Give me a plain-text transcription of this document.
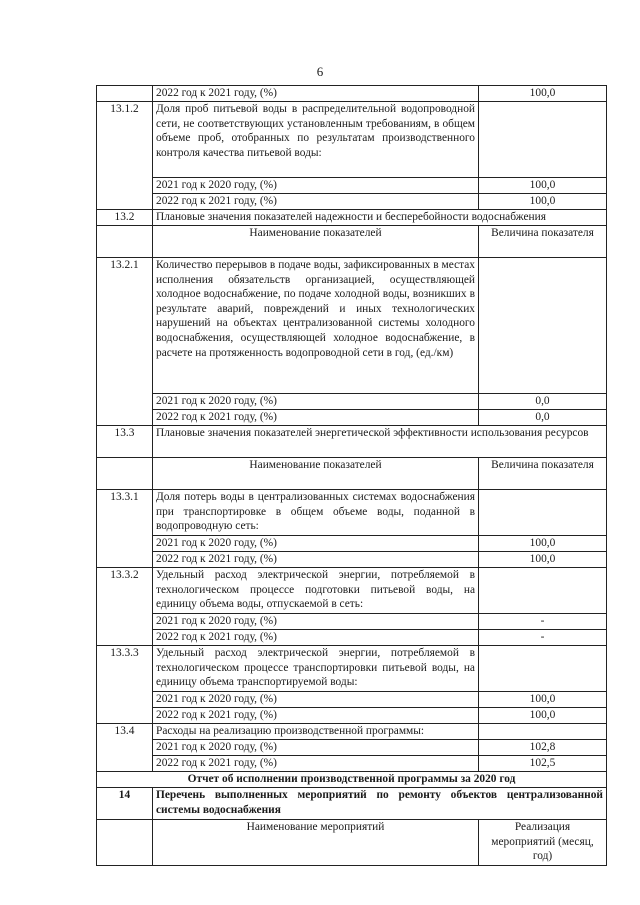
6
	2022 год к 2021 году, (%)	100,0
13.1.2	Доля проб питьевой воды в распределительной водопроводной сети, не соответствующих установленным требованиям, в общем объеме проб, отобранных по результатам производственного контроля качества питьевой воды:	
	2021 год к 2020 году, (%)	100,0
	2022 год к 2021 году, (%)	100,0
13.2	Плановые значения показателей надежности и бесперебойности водоснабжения	
	Наименование показателей	Величина показателя
13.2.1	Количество перерывов в подаче воды, зафиксированных в местах исполнения обязательств организацией, осуществляющей холодное водоснабжение, по подаче холодной воды, возникших в результате аварий, повреждений и иных технологических нарушений на объектах централизованной системы холодного водоснабжения, осуществляющей холодное водоснабжение, в расчете на протяженность водопроводной сети в год, (ед./км)	
	2021 год к 2020 году, (%)	0,0
	2022 год к 2021 году, (%)	0,0
13.3	Плановые значения показателей энергетической эффективности использования ресурсов	
	Наименование показателей	Величина показателя
13.3.1	Доля потерь воды в централизованных системах водоснабжения при транспортировке в общем объеме воды, поданной в водопроводную сеть:	
	2021 год к 2020 году, (%)	100,0
	2022 год к 2021 году, (%)	100,0
13.3.2	Удельный расход электрической энергии, потребляемой в технологическом процессе подготовки питьевой воды, на единицу объема воды, отпускаемой в сеть:	
	2021 год к 2020 году, (%)	-
	2022 год к 2021 году, (%)	-
13.3.3	Удельный расход электрической энергии, потребляемой в технологическом процессе транспортировки питьевой воды, на единицу объема транспортируемой воды:	
	2021 год к 2020 году, (%)	100,0
	2022 год к 2021 году, (%)	100,0
13.4	Расходы на реализацию производственной программы:	
	2021 год к 2020 году, (%)	102,8
	2022 год к 2021 году, (%)	102,5
Отчет об исполнении производственной программы за 2020 год		
14	Перечень выполненных мероприятий по ремонту объектов централизованной системы водоснабжения	
	Наименование мероприятий	Реализация мероприятий (месяц, год)
